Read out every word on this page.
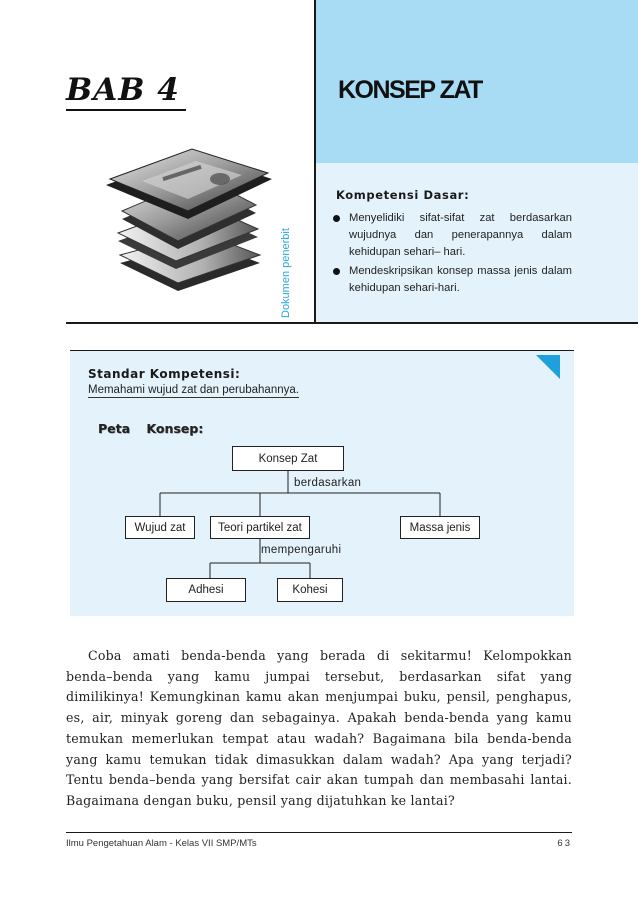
BAB 4	KONSEP ZAT
Dokumen penerbit
Kompetensi Dasar:
Menyelidiki sifat-sifat zat berdasarkan wujudnya dan penerapannya dalam kehidupan sehari– hari.
Mendeskripsikan konsep massa jenis dalam kehidupan sehari-hari.
Standar Kompetensi:
Memahami wujud zat dan perubahannya.
Peta Konsep:
Konsep Zat
berdasarkan
Wujud zat	Teori partikel zat	Massa jenis
mempengaruhi
Adhesi	Kohesi

Coba amati benda-benda yang berada di sekitarmu! Kelompokkan benda–benda yang kamu jumpai tersebut, berdasarkan sifat yang dimilikinya! Kemungkinan kamu akan menjumpai buku, pensil, penghapus, es, air, minyak goreng dan sebagainya. Apakah benda-benda yang kamu temukan memerlukan tempat atau wadah? Bagaimana bila benda-benda yang kamu temukan tidak dimasukkan dalam wadah? Apa yang terjadi? Tentu benda–benda yang bersifat cair akan tumpah dan membasahi lantai. Bagaimana dengan buku, pensil yang dijatuhkan ke lantai?

Ilmu Pengetahuan Alam - Kelas VII SMP/MTs	63
